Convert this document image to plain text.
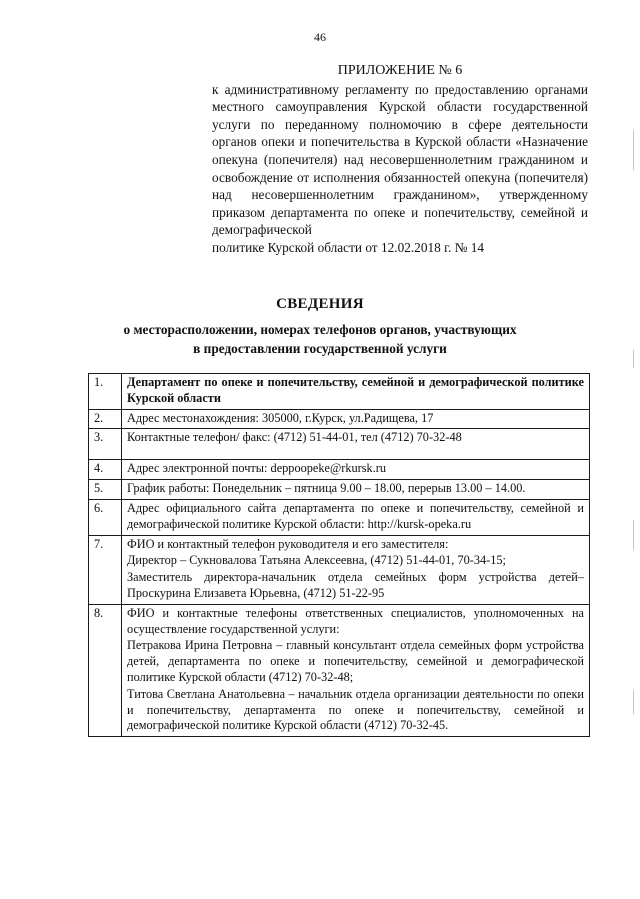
46
ПРИЛОЖЕНИЕ № 6
к административному регламенту по предоставлению органами местного самоуправления Курской области государственной услуги по переданному полномочию в сфере деятельности органов опеки и попечительства в Курской области «Назначение опекуна (попечителя) над несовершеннолетним гражданином и освобождение от исполнения обязанностей опекуна (попечителя) над несовершеннолетним гражданином», утвержденному приказом департамента по опеке и попечительству, семейной и демографической
политике Курской области от 12.02.2018 г. № 14
СВЕДЕНИЯ
о месторасположении, номерах телефонов органов, участвующих
в предоставлении государственной услуги
1.	Департамент по опеке и попечительству, семейной и демографической политике Курской области
2.	Адрес местонахождения: 305000, г.Курск, ул.Радищева, 17
3.	Контактные телефон/ факс: (4712) 51-44-01, тел (4712) 70-32-48
4.	Адрес электронной почты: deppoopeke@rkursk.ru
5.	График работы: Понедельник – пятница 9.00 – 18.00, перерыв 13.00 – 14.00.
6.	Адрес официального сайта департамента по опеке и попечительству, семейной и демографической политике Курской области: http://kursk-opeka.ru
7.	ФИО и контактный телефон руководителя и его заместителя:
Директор – Сукновалова Татьяна Алексеевна, (4712) 51-44-01, 70-34-15;
Заместитель директора-начальник отдела семейных форм устройства детей–Проскурина Елизавета Юрьевна, (4712) 51-22-95

8.	ФИО и контактные телефоны ответственных специалистов, уполномоченных на осуществление государственной услуги:
Петракова Ирина Петровна – главный консультант отдела семейных форм устройства детей, департамента по опеке и попечительству, семейной и демографической политике Курской области (4712) 70-32-48;
Титова Светлана Анатольевна – начальник отдела организации деятельности по опеки и попечительству, департамента по опеке и попечительству, семейной и демографической политике Курской области (4712) 70-32-45.
